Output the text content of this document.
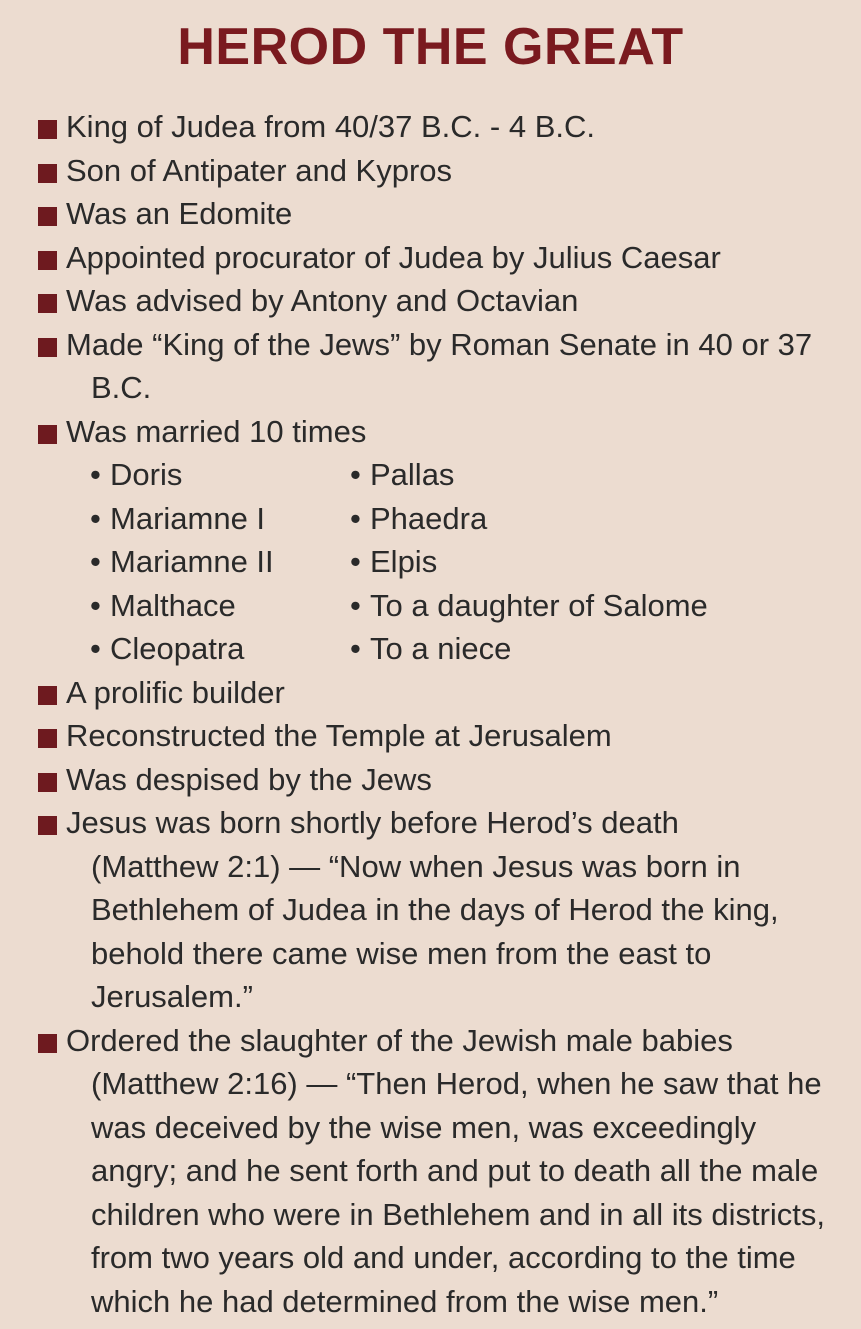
HEROD THE GREAT
King of Judea from 40/37 B.C. - 4 B.C.
Son of Antipater and Kypros
Was an Edomite
Appointed procurator of Judea by Julius Caesar
Was advised by Antony and Octavian
Made “King of the Jews” by Roman Senate in 40 or 37
B.C.
Was married 10 times
• Doris	• Pallas
• Mariamne I	• Phaedra
• Mariamne II	• Elpis
• Malthace	• To a daughter of Salome
• Cleopatra	• To a niece
A prolific builder
Reconstructed the Temple at Jerusalem
Was despised by the Jews
Jesus was born shortly before Herod’s death
(Matthew 2:1) — “Now when Jesus was born in
Bethlehem of Judea in the days of Herod the king,
behold there came wise men from the east to
Jerusalem.”
Ordered the slaughter of the Jewish male babies
(Matthew 2:16) — “Then Herod, when he saw that he
was deceived by the wise men, was exceedingly
angry; and he sent forth and put to death all the male
children who were in Bethlehem and in all its districts,
from two years old and under, according to the time
which he had determined from the wise men.”
